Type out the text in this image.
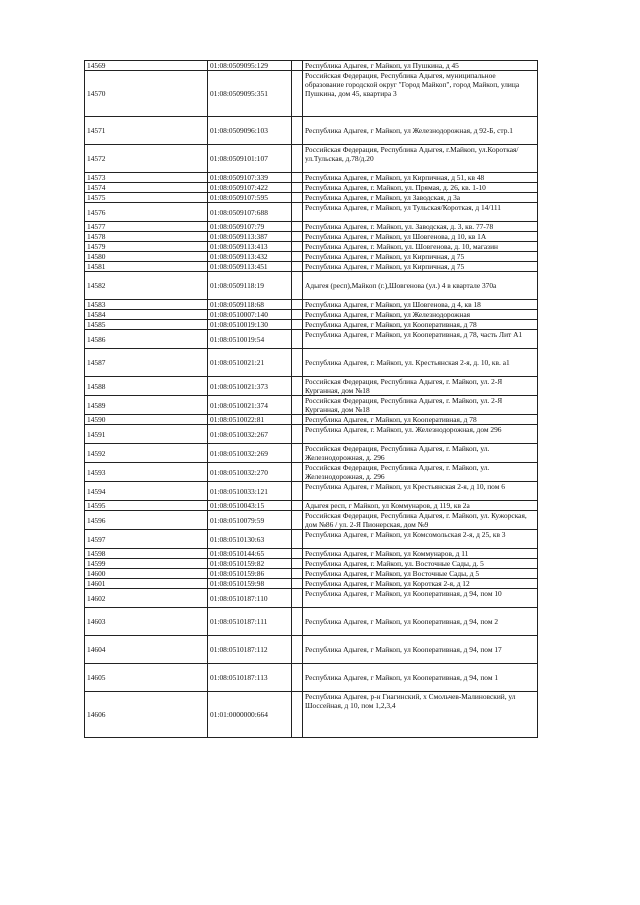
14569	01:08:0509095:129		Республика Адыгея, г Майкоп, ул Пушкина, д 45
14570	01:08:0509095:351		Российская Федерация, Республика Адыгея, муниципальное образование городской округ "Город Майкоп", город Майкоп, улица Пушкина, дом 45, квартира 3
14571	01:08:0509096:103		Республика Адыгея, г Майкоп, ул Железнодорожная, д 92-Б, стр.1
14572	01:08:0509101:107		Российская Федерация, Республика Адыгея, г.Майкоп, ул.Короткая/ул.Тульская, д.78/д.20
14573	01:08:0509107:339		Республика Адыгея, г Майкоп, ул Кирпичная, д 51, кв 48
14574	01:08:0509107:422		Республика Адыгея, г. Майкоп, ул. Прямая, д. 26, кв. 1-10
14575	01:08:0509107:595		Республика Адыгея, г Майкоп, ул Заводская, д 3а
14576	01:08:0509107:688		Республика Адыгея, г Майкоп, ул Тульская/Короткая, д 14/111
14577	01:08:0509107:79		Республика Адыгея, г. Майкоп, ул. Заводская, д. 3, кв. 77-78
14578	01:08:0509113:387		Республика Адыгея, г Майкоп, ул Шовгенова, д 10, кв 1А
14579	01:08:0509113:413		Республика Адыгея, г. Майкоп, ул. Шовгенова, д. 10, магазин
14580	01:08:0509113:432		Республика Адыгея, г Майкоп, ул Кирпичная, д 75
14581	01:08:0509113:451		Республика Адыгея, г Майкоп, ул Кирпичная, д 75
14582	01:08:0509118:19		Адыгея (респ),Майкоп (г.),Шовгенова (ул.) 4 в квартале 370а
14583	01:08:0509118:68		Республика Адыгея, г Майкоп, ул Шовгенова, д 4, кв 18
14584	01:08:0510007:140		Республика Адыгея, г Майкоп, ул Железнодорожная
14585	01:08:0510019:130		Республика Адыгея, г Майкоп, ул Кооперативная, д 78
14586	01:08:0510019:54		Республика Адыгея, г Майкоп, ул Кооперативная, д 78, часть Лит А1
14587	01:08:0510021:21		Республика Адыгея, г. Майкоп, ул. Крестьянская 2-я, д. 10, кв. а1
14588	01:08:0510021:373		Российская Федерация, Республика Адыгея, г. Майкоп, ул. 2-Я Курганная, дом №18
14589	01:08:0510021:374		Российская Федерация, Республика Адыгея, г. Майкоп, ул. 2-Я Курганная, дом №18
14590	01:08:0510022:81		Республика Адыгея, г Майкоп, ул Кооперативная, д 78
14591	01:08:0510032:267		Республика Адыгея, г. Майкоп, ул. Железнодорожная, дом 296
14592	01:08:0510032:269		Российская Федерация, Республика Адыгея, г. Майкоп, ул. Железнодорожная, д. 296
14593	01:08:0510032:270		Российская Федерация, Республика Адыгея, г. Майкоп, ул. Железнодорожная, д. 296
14594	01:08:0510033:121		Республика Адыгея, г Майкоп, ул Крестьянская 2-я, д 10, пом 6
14595	01:08:0510043:15		Адыгея респ, г Майкоп, ул Коммунаров, д 119, кв 2а
14596	01:08:0510079:59		Российская Федерация, Республика Адыгея, г. Майкоп, ул. Кужорская, дом №86 / ул. 2-Я Пионерская, дом №9
14597	01:08:0510130:63		Республика Адыгея, г Майкоп, ул Комсомольская 2-я, д 25, кв 3
14598	01:08:0510144:65		Республика Адыгея, г Майкоп, ул Коммунаров, д 11
14599	01:08:0510159:82		Республика Адыгея, г. Майкоп, ул. Восточные Сады, д. 5
14600	01:08:0510159:86		Республика Адыгея, г Майкоп, ул Восточные Сады, д 5
14601	01:08:0510159:98		Республика Адыгея, г Майкоп, ул Короткая 2-я, д 12
14602	01:08:0510187:110		Республика Адыгея, г Майкоп, ул Кооперативная, д 94, пом 10
14603	01:08:0510187:111		Республика Адыгея, г Майкоп, ул Кооперативная, д 94, пом 2
14604	01:08:0510187:112		Республика Адыгея, г Майкоп, ул Кооперативная, д 94, пом 17
14605	01:08:0510187:113		Республика Адыгея, г Майкоп, ул Кооперативная, д 94, пом 1
14606	01:01:0000000:664		Республика Адыгея, р-н Гиагинский, х Смольчев-Малиновский, ул Шоссейная, д 10, пом 1,2,3,4
